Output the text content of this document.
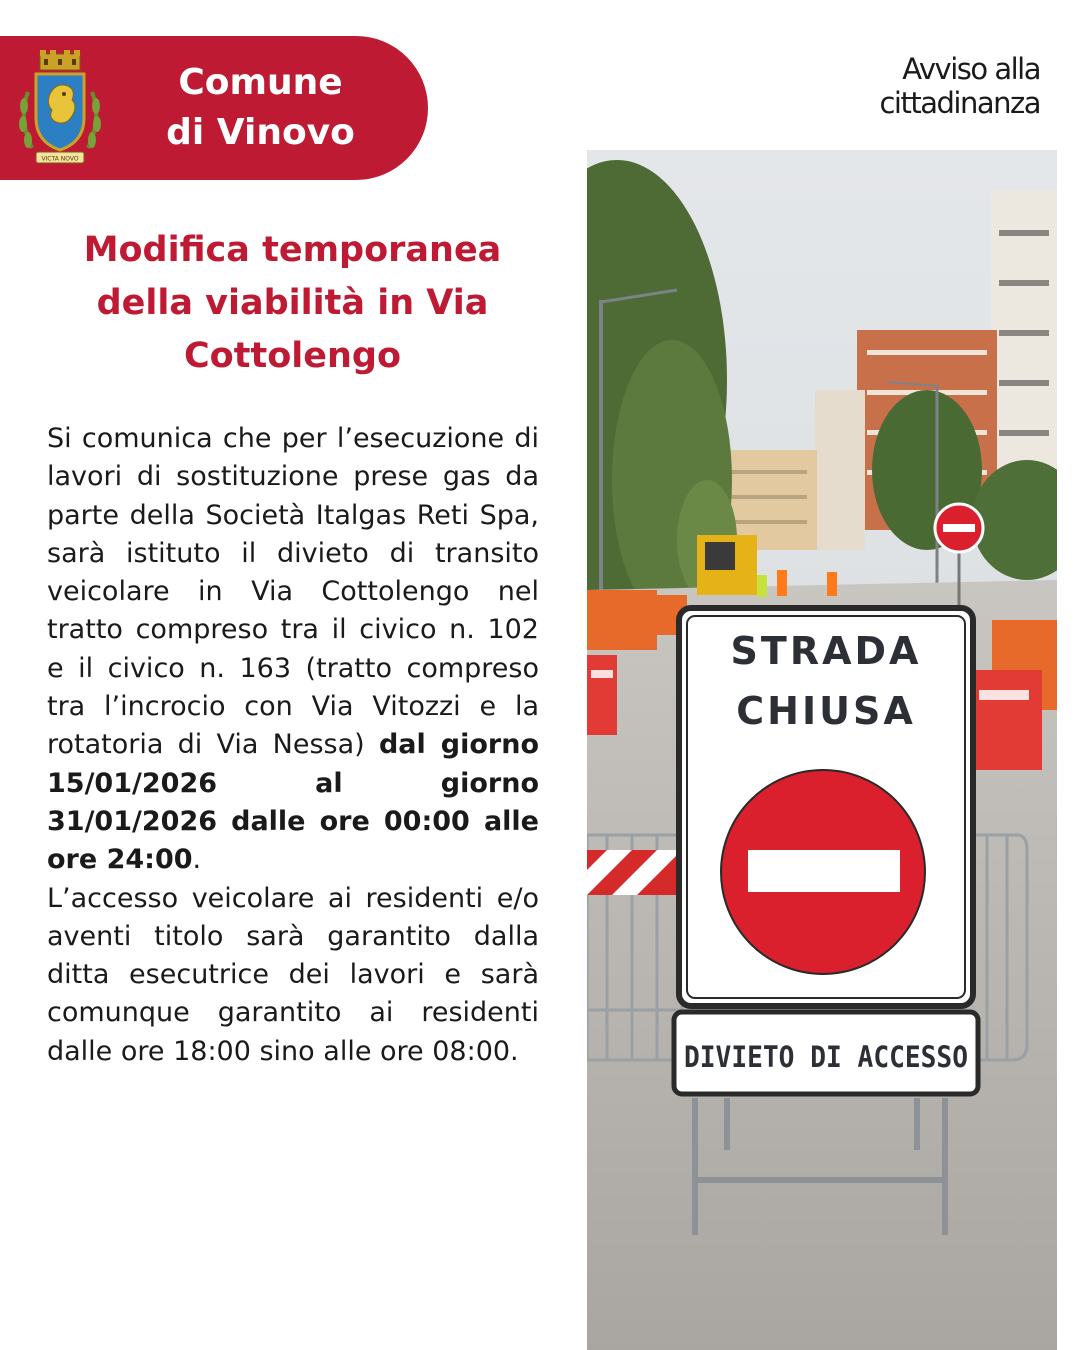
VICTA NOVO
Comune
di Vinovo
Avviso alla
cittadinanza
Modifica temporanea della viabilità in Via Cottolengo

Si comunica che per l’esecuzione di lavori di sostituzione prese gas da parte della Società Italgas Reti Spa, sarà istituto il divieto di transito veicolare in Via Cottolengo nel tratto compreso tra il civico n. 102 e il civico n. 163 (tratto compreso tra l’incrocio con Via Vitozzi e la rotatoria di Via Nessa) dal giorno 15/01/2026 al giorno 31/01/2026 dalle ore 00:00 alle ore 24:00.

L’accesso veicolare ai residenti e/o aventi titolo sarà garantito dalla ditta esecutrice dei lavori e sarà comunque garantito ai residenti dalle ore 18:00 sino alle ore 08:00.

STRADA
CHIUSA
DIVIETO DI ACCESSO
